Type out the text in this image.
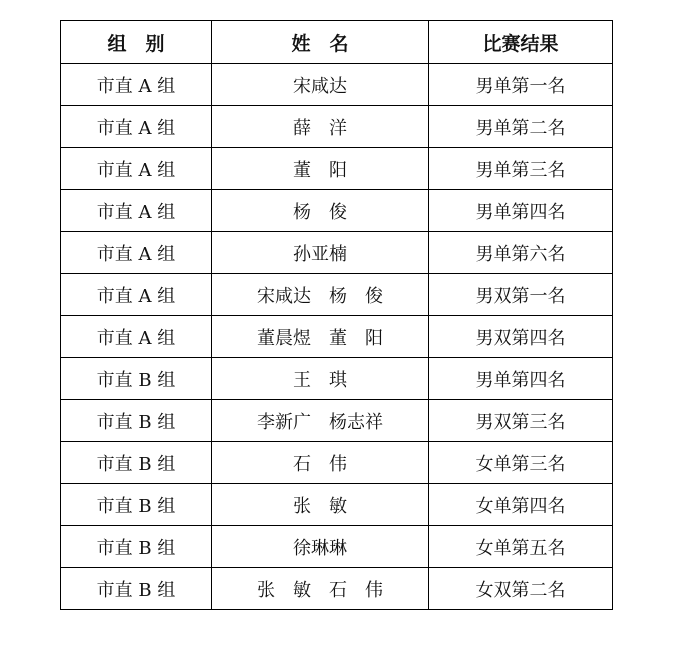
组　别	姓　名	比赛结果
市直 A 组	宋咸达	男单第一名
市直 A 组	薛　洋	男单第二名
市直 A 组	董　阳	男单第三名
市直 A 组	杨　俊	男单第四名
市直 A 组	孙亚楠	男单第六名
市直 A 组	宋咸达　杨　俊	男双第一名
市直 A 组	董晨煜　董　阳	男双第四名
市直 B 组	王　琪	男单第四名
市直 B 组	李新广　杨志祥	男双第三名
市直 B 组	石　伟	女单第三名
市直 B 组	张　敏	女单第四名
市直 B 组	徐琳琳	女单第五名
市直 B 组	张　敏　石　伟	女双第二名
